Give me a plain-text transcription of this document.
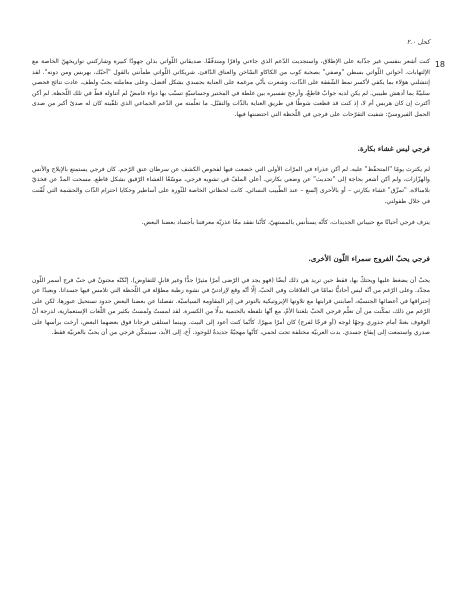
كحل ٢.٠
18

كنت أشعر بنفسي غير جذّابة على الإطلاق، واستجديت الدّعم الذي جاءني وافرًا ومتدفّقًا. صديقاتي اللّواتي بذلن جهودًا كبيرة وشاركنني تواريخهنّ الخاصة مع الإلتهابات. أخواتي اللّواتي بسطن "وصفي" بصحبة كوب من الكاكاو السّاخن والعناق الدّافئ. شريكاتي اللّواتي طمأنني بالقول "أحبّك، بهربس ومن دونه". لقد إنتشلني هؤلاء بما يكفي لأكسر نمط الشّفقة على الذّات، وشعرت بأنّي مرغمة على العناية بجسدي بشكل أفضل، وعلى معاملته بحبّ ولطف. عادت نتائج فحصي سلبيّةً بما أدهش طبيبي. لم يكن لديه جوابٌ قاطعٌ، وأرجح تفسيره بين غلطة في المختبر وحساسيّةٍ تسبّب بها دواء غامضٌ لم أتناوله قطّ في تلك اللّحظة. لم أكن أكترث إن كان هربس أم لا، إذ كنت قد قطعت شوطًا في طريق العناية بالذّات والتقبّل. ما تعلّمته من الدّعم الجماعي الذي تلقّيته كان له صدىً أكبر من صدى الحمل الفيروسيّ: شفيت التقرّحات على فرجي في اللّحظة التي احتضنتها فيها.

فرجي ليس غشاء بكارة.

لم يكترث يومًا "المتحفّظ" عليه. لم أكن عذراء في المرّات الأولى التي خضعت فيها لفحوص الكشف عن سرطان عنق الرّحم. كان فرجي يستمتع بالإيلاج والأنس والهزّازات، ولم أكن أشعر بحاجة إلى "تحديث" عن وضعي بكارتي. أعلن الملفّ في تشويه فرجي، موسّعًا الغشاء الرّقيق بشكل قاطع. مسحت المدّ عن فخذيّ بلامبالاة. "تمزّق" غشاء بكارتي – أو بالأحرى إتّسع – عند الطّبيب النسائي. كانت لحظاتي الخاصة للثّورة على أساطير وحكايا احترام الذّات والحشمة التي لُقّنت في خلال طفولتي.

ينزف فرجي أحيانًا مع حبيباتي الجديدات، كأنّه يستأنس بالمستهيّ، كأنّنا نفقد معًا عذريّة معرفتنا بأجساد بعضنا البعض.

فرجي يحبّ الفروج سمراء اللّون الأخرى.

يحبّ أن يضغط عليها ويحتكّ بها، فقط حين تريد هي ذلك أيضًا (فهو يجد في الرّضى أمرًا مثيرًا جدًّا وغير قابلٍ للتفاوض). إنّكنّه مجنونٌ في حبّ فرج أسمر اللّون مجدّد. وعلى الرّغم من أنّه ليس أحاديًّا تمامًا في العلاقات وفي الحبّ، إلّا أنّه وقع لإرادتيّ في نشوة رطبة مطوّلة في اللّحظة التي تلامس فيها جسدانا. وبعيدًا عن إحتراقها في أعضائها الجنسيّة، أصابتني قرابتها مع تلاوتها الإيروتيكية بالتوتر في إثر المقاومة السياسيّة. تفصلنا عن بعضنا البعض حدود تستحيل عبورها، لكن على الرّغم من ذلك، تمكّنت من أن تعلّم فرجي الحبّ بلغتنا الأمّ، مع أنّها تلفظه بالحتمية بدلًا من الكسرة. لقد لمستُ وتُمستُ بكثير من اللّغات الإستعمارية، لدرجة أنّ الوقوف بغتةً أمام جذوري وجهًا لوجه (أو فرجًا لفرج) كان أمرًا مبهرًا. كأنّما كنت أعود إلى البيت. وبينما استلقى فرجانا فوق بعضهما البعض، أرخت برأسها على صدري واستمعت إلى إيقاع جسدي. بدت العربيّة مختلفة تحت لحمي، كأنّها مهجيّةٌ جديدةٌ للوجود. آخ، إلى الأبد، سيتمكّن فرجي من أن يحبّ بالعربيّة فقط.
